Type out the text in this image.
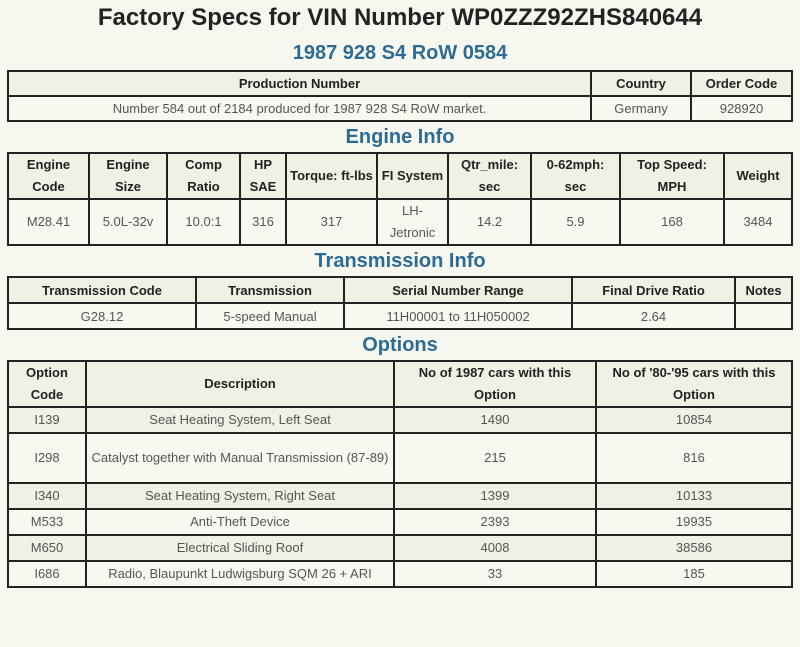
Factory Specs for VIN Number WP0ZZZ92ZHS840644
1987 928 S4 RoW 0584
Production Number	Country	Order Code
Number 584 out of 2184 produced for 1987 928 S4 RoW market.	Germany	928920
Engine Info
Engine Code	Engine Size	Comp Ratio	HP SAE	Torque: ft-lbs	FI System	Qtr_mile: sec	0-62mph: sec	Top Speed: MPH	Weight
M28.41	5.0L-32v	10.0:1	316	317	LH-Jetronic	14.2	5.9	168	3484
Transmission Info
Transmission Code	Transmission	Serial Number Range	Final Drive Ratio	Notes
G28.12	5-speed Manual	11H00001 to 11H050002	2.64	
Options
Option Code	Description	No of 1987 cars with this Option	No of '80-'95 cars with this Option
I139	Seat Heating System, Left Seat	1490	10854
I298	Catalyst together with Manual Transmission (87-89)	215	816
I340	Seat Heating System, Right Seat	1399	10133
M533	Anti-Theft Device	2393	19935
M650	Electrical Sliding Roof	4008	38586
I686	Radio, Blaupunkt Ludwigsburg SQM 26 + ARI	33	185
